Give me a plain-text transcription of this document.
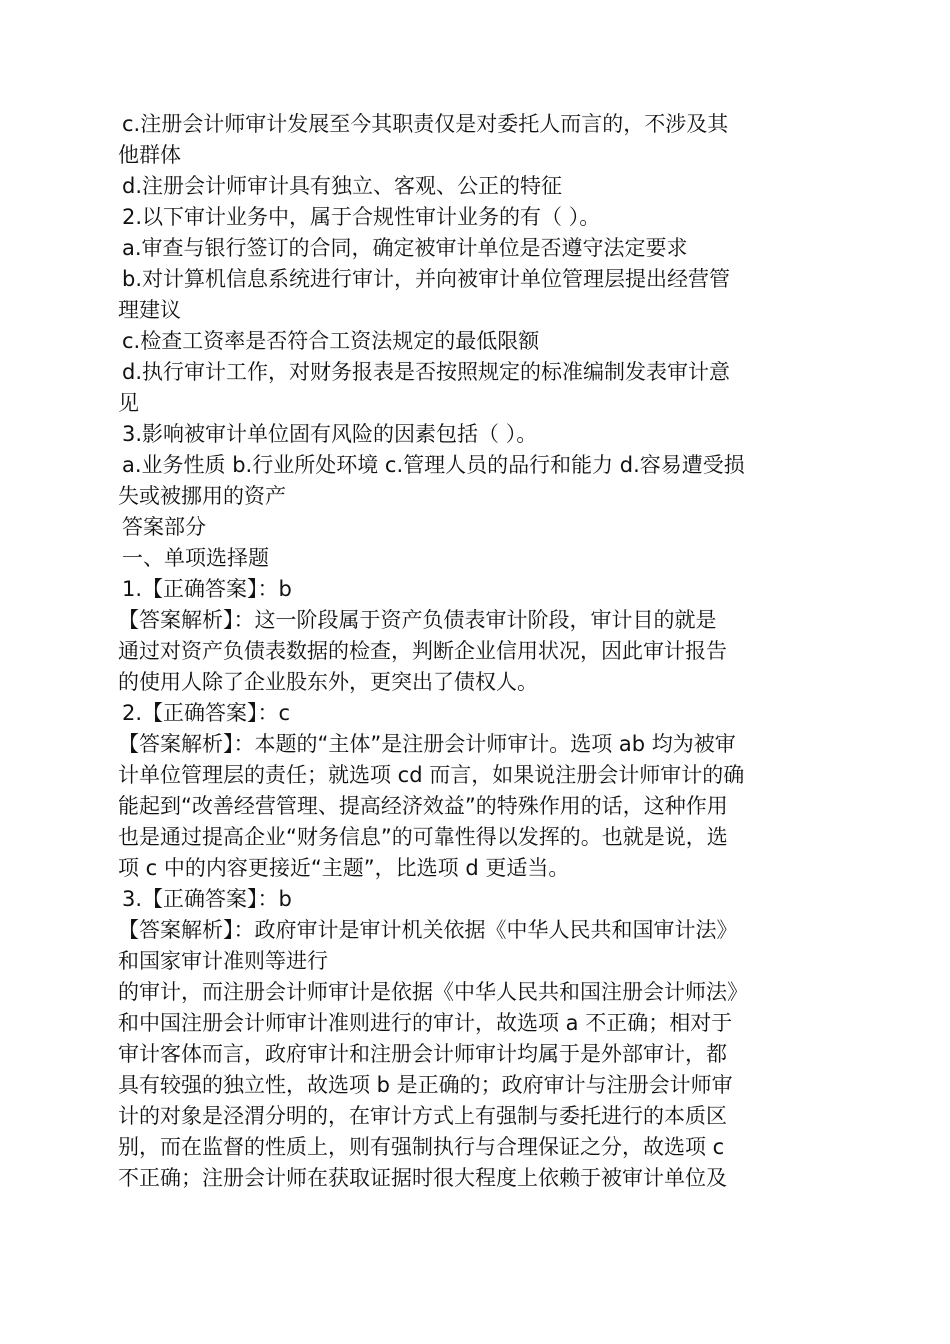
c.注册会计师审计发展至今其职责仅是对委托人而言的，不涉及其
他群体
d.注册会计师审计具有独立、客观、公正的特征
2.以下审计业务中，属于合规性审计业务的有（ ）。
a.审查与银行签订的合同，确定被审计单位是否遵守法定要求
b.对计算机信息系统进行审计，并向被审计单位管理层提出经营管
理建议
c.检查工资率是否符合工资法规定的最低限额
d.执行审计工作，对财务报表是否按照规定的标准编制发表审计意
见
3.影响被审计单位固有风险的因素包括（ ）。
a.业务性质 b.行业所处环境 c.管理人员的品行和能力 d.容易遭受损
失或被挪用的资产
答案部分
一、单项选择题
1.【正确答案】：b
【答案解析】：这一阶段属于资产负债表审计阶段，审计目的就是
通过对资产负债表数据的检查，判断企业信用状况，因此审计报告
的使用人除了企业股东外，更突出了债权人。
2.【正确答案】：c
【答案解析】：本题的“主体”是注册会计师审计。选项 ab 均为被审
计单位管理层的责任；就选项 cd 而言，如果说注册会计师审计的确
能起到“改善经营管理、提高经济效益”的特殊作用的话，这种作用
也是通过提高企业“财务信息”的可靠性得以发挥的。也就是说，选
项 c 中的内容更接近“主题”，比选项 d 更适当。
3.【正确答案】：b
【答案解析】：政府审计是审计机关依据《中华人民共和国审计法》
和国家审计准则等进行
的审计，而注册会计师审计是依据《中华人民共和国注册会计师法》
和中国注册会计师审计准则进行的审计，故选项 a 不正确；相对于
审计客体而言，政府审计和注册会计师审计均属于是外部审计，都
具有较强的独立性，故选项 b 是正确的；政府审计与注册会计师审
计的对象是泾渭分明的，在审计方式上有强制与委托进行的本质区
别，而在监督的性质上，则有强制执行与合理保证之分，故选项 c
不正确；注册会计师在获取证据时很大程度上依赖于被审计单位及
